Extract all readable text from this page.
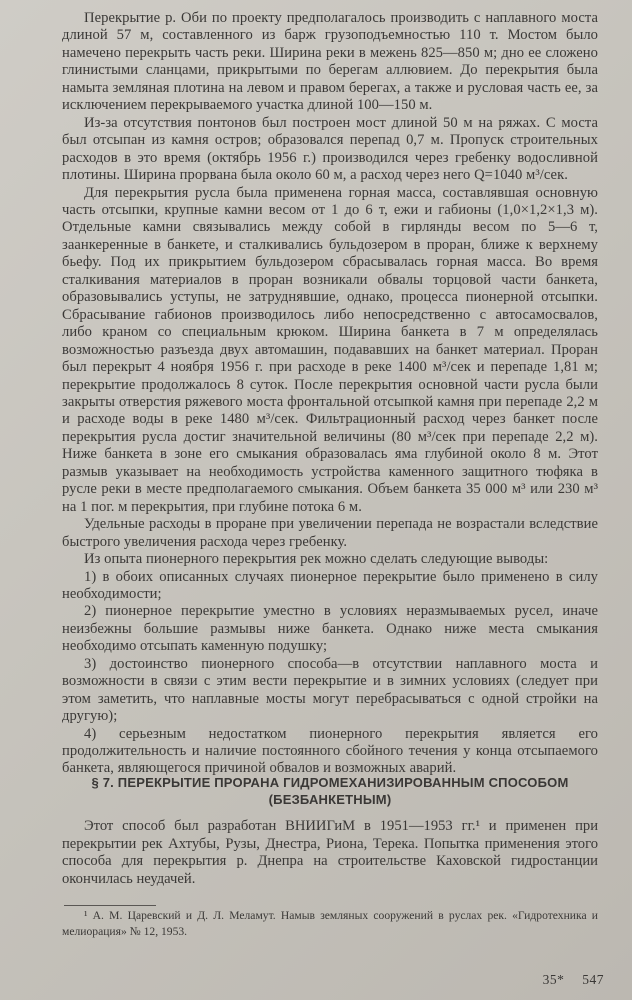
Перекрытие р. Оби по проекту предполагалось производить с наплавного моста длиной 57 м, составленного из барж грузоподъемностью 110 т. Мостом было намечено перекрыть часть реки. Ширина реки в межень 825—850 м; дно ее сложено глинистыми сланцами, прикрытыми по берегам аллювием. До перекрытия была намыта земляная плотина на левом и правом берегах, а также и русловая часть ее, за исключением перекрываемого участка длиной 100—150 м.

Из-за отсутствия понтонов был построен мост длиной 50 м на ряжах. С моста был отсыпан из камня остров; образовался перепад 0,7 м. Пропуск строительных расходов в это время (октябрь 1956 г.) производился через гребенку водосливной плотины. Ширина прорвана была около 60 м, а расход через него Q=1040 м³/сек.

Для перекрытия русла была применена горная масса, составлявшая основную часть отсыпки, крупные камни весом от 1 до 6 т, ежи и габионы (1,0×1,2×1,3 м). Отдельные камни связывались между собой в гирлянды весом по 5—6 т, заанкеренные в банкете, и сталкивались бульдозером в проран, ближе к верхнему бьефу. Под их прикрытием бульдозером сбрасывалась горная масса. Во время сталкивания материалов в проран возникали обвалы торцовой части банкета, образовывались уступы, не затруднявшие, однако, процесса пионерной отсыпки. Сбрасывание габионов производилось либо непосредственно с автосамосвалов, либо краном со специальным крюком. Ширина банкета в 7 м определялась возможностью разъезда двух автомашин, подававших на банкет материал. Проран был перекрыт 4 ноября 1956 г. при расходе в реке 1400 м³/сек и перепаде 1,81 м; перекрытие продолжалось 8 суток. После перекрытия основной части русла были закрыты отверстия ряжевого моста фронтальной отсыпкой камня при перепаде 2,2 м и расходе воды в реке 1480 м³/сек. Фильтрационный расход через банкет после перекрытия русла достиг значительной величины (80 м³/сек при перепаде 2,2 м). Ниже банкета в зоне его смыкания образовалась яма глубиной около 8 м. Этот размыв указывает на необходимость устройства каменного защитного тюфяка в русле реки в месте предполагаемого смыкания. Объем банкета 35 000 м³ или 230 м³ на 1 пог. м перекрытия, при глубине потока 6 м.

Удельные расходы в проране при увеличении перепада не возрастали вследствие быстрого увеличения расхода через гребенку.

Из опыта пионерного перекрытия рек можно сделать следующие выводы:

1) в обоих описанных случаях пионерное перекрытие было применено в силу необходимости;

2) пионерное перекрытие уместно в условиях неразмываемых русел, иначе неизбежны большие размывы ниже банкета. Однако ниже места смыкания необходимо отсыпать каменную подушку;

3) достоинство пионерного способа—в отсутствии наплавного моста и возможности в связи с этим вести перекрытие и в зимних условиях (следует при этом заметить, что наплавные мосты могут перебрасываться с одной стройки на другую);

4) серьезным недостатком пионерного перекрытия является его продолжительность и наличие постоянного сбойного течения у конца отсыпаемого банкета, являющегося причиной обвалов и возможных аварий.

§ 7. ПЕРЕКРЫТИЕ ПРОРАНА ГИДРОМЕХАНИЗИРОВАННЫМ СПОСОБОМ
(БЕЗБАНКЕТНЫМ)

Этот способ был разработан ВНИИГиМ в 1951—1953 гг.¹ и применен при перекрытии рек Ахтубы, Рузы, Днестра, Риона, Терека. Попытка применения этого способа для перекрытия р. Днепра на строительстве Каховской гидростанции окончилась неудачей.

¹ А. М. Царевский и Д. Л. Меламут. Намыв земляных сооружений в руслах рек. «Гидротехника и мелиорация» № 12, 1953.

35* 547
